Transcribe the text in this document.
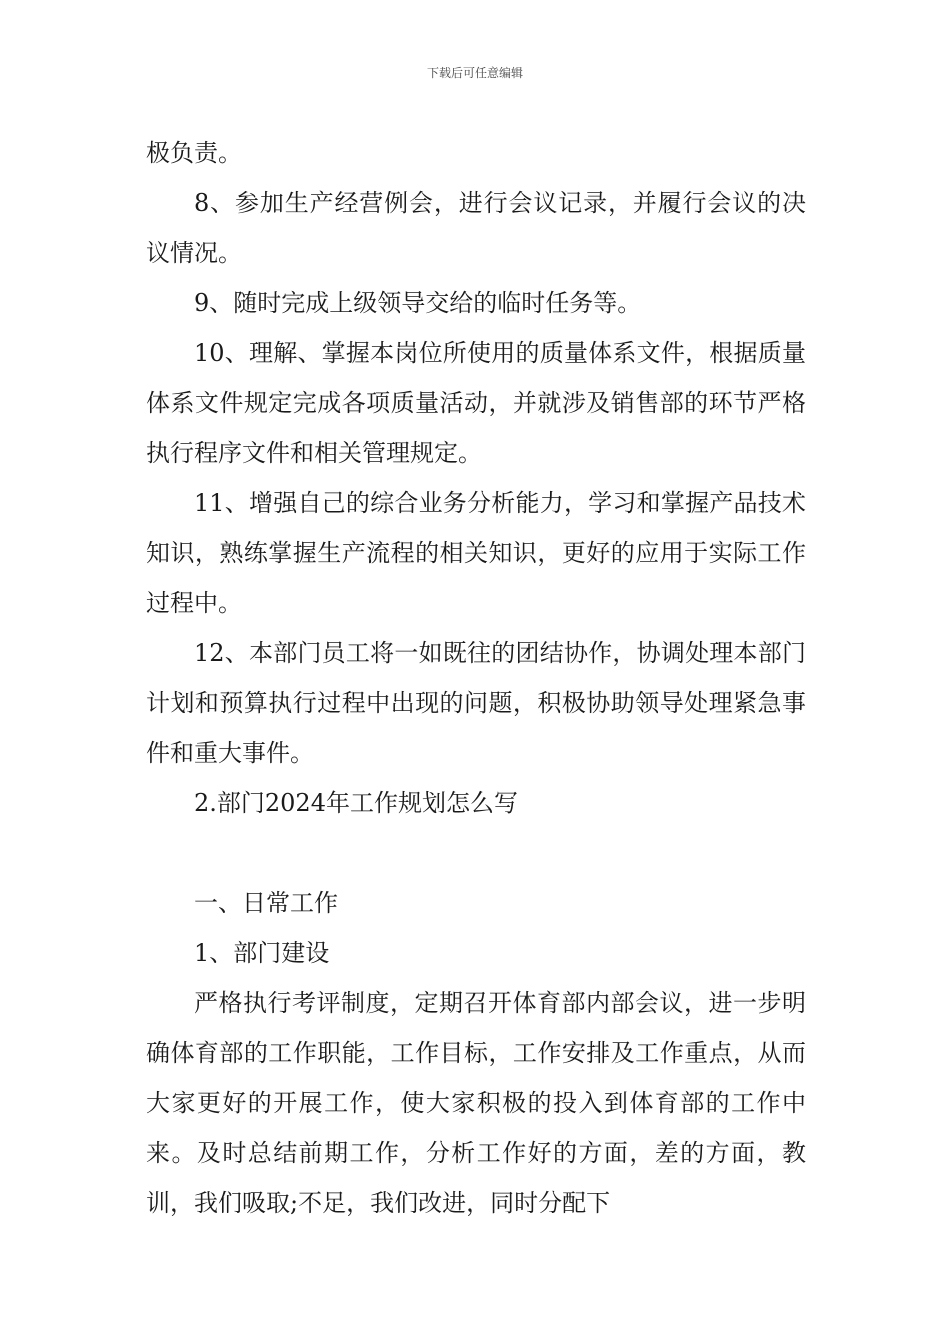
下载后可任意编辑

极负责。

8、参加生产经营例会，进行会议记录，并履行会议的决议情况。

9、随时完成上级领导交给的临时任务等。

10、理解、掌握本岗位所使用的质量体系文件，根据质量体系文件规定完成各项质量活动，并就涉及销售部的环节严格执行程序文件和相关管理规定。

11、增强自己的综合业务分析能力，学习和掌握产品技术知识，熟练掌握生产流程的相关知识，更好的应用于实际工作过程中。

12、本部门员工将一如既往的团结协作，协调处理本部门计划和预算执行过程中出现的问题，积极协助领导处理紧急事件和重大事件。

2.部门2024年工作规划怎么写

一、日常工作

1、部门建设

严格执行考评制度，定期召开体育部内部会议，进一步明确体育部的工作职能，工作目标，工作安排及工作重点，从而大家更好的开展工作，使大家积极的投入到体育部的工作中来。及时总结前期工作，分析工作好的方面，差的方面，教训，我们吸取;不足，我们改进，同时分配下
